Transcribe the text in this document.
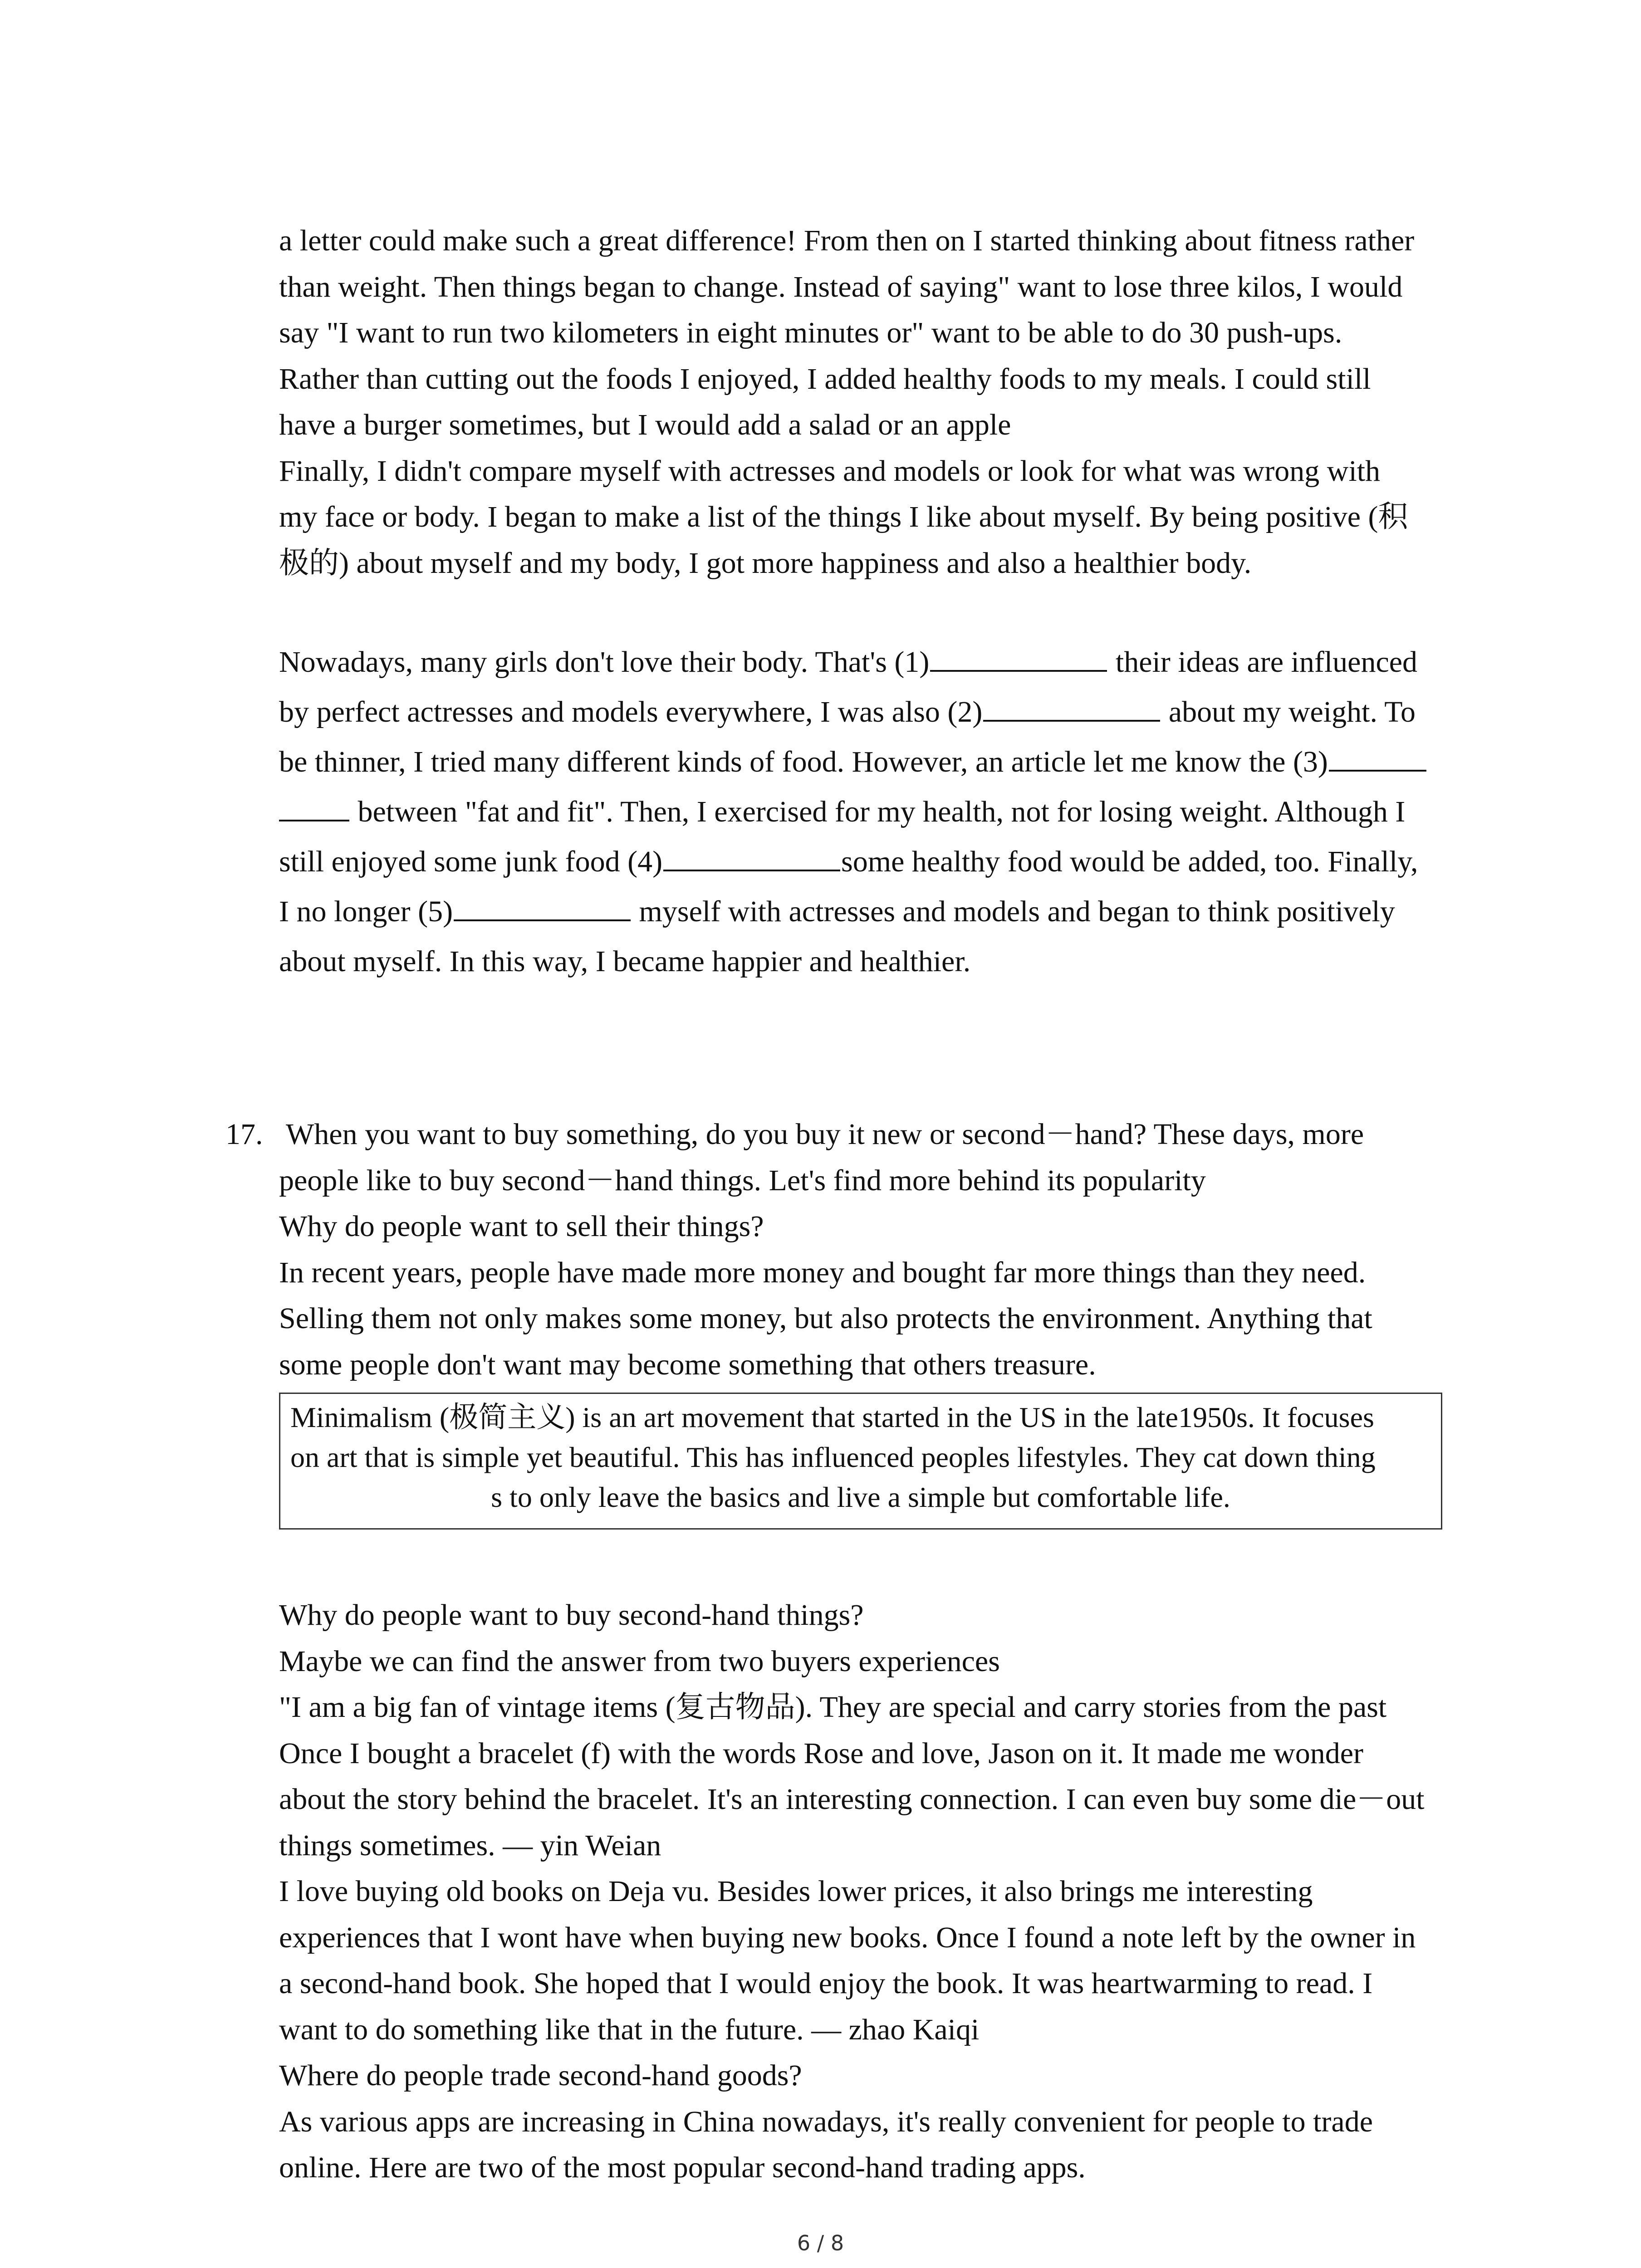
a letter could make such a great difference! From then on I started thinking about fitness rather
than weight. Then things began to change. Instead of saying" want to lose three kilos, I would
say "I want to run two kilometers in eight minutes or" want to be able to do 30 push-ups.
Rather than cutting out the foods I enjoyed, I added healthy foods to my meals. I could still
have a burger sometimes, but I would add a salad or an apple
Finally, I didn't compare myself with actresses and models or look for what was wrong with
my face or body. I began to make a list of the things I like about myself. By being positive (积
极的) about myself and my body, I got more happiness and also a healthier body.
Nowadays, many girls don't love their body. That's (1)	their ideas are influenced
by perfect actresses and models everywhere, I was also (2)	about my weight. To
be thinner, I tried many different kinds of food. However, an article let me know the (3)
between "fat and fit". Then, I exercised for my health, not for losing weight. Although I
still enjoyed some junk food (4)	some healthy food would be added, too. Finally,
I no longer (5)	myself with actresses and models and began to think positively
about myself. In this way, I became happier and healthier.
17. When you want to buy something, do you buy it new or second－hand? These days, more
people like to buy second－hand things. Let's find more behind its popularity
Why do people want to sell their things?
In recent years, people have made more money and bought far more things than they need.
Selling them not only makes some money, but also protects the environment. Anything that
some people don't want may become something that others treasure.
Minimalism (极简主义) is an art movement that started in the US in the late1950s. It focuses
on art that is simple yet beautiful. This has influenced peoples lifestyles. They cat down thing
s to only leave the basics and live a simple but comfortable life.
Why do people want to buy second-hand things?
Maybe we can find the answer from two buyers experiences
"I am a big fan of vintage items (复古物品). They are special and carry stories from the past
Once I bought a bracelet (f) with the words Rose and love, Jason on it. It made me wonder
about the story behind the bracelet. It's an interesting connection. I can even buy some die－out
things sometimes. — yin Weian
I love buying old books on Deja vu. Besides lower prices, it also brings me interesting
experiences that I wont have when buying new books. Once I found a note left by the owner in
a second-hand book. She hoped that I would enjoy the book. It was heartwarming to read. I
want to do something like that in the future. — zhao Kaiqi
Where do people trade second-hand goods?
As various apps are increasing in China nowadays, it's really convenient for people to trade
online. Here are two of the most popular second-hand trading apps.
6 / 8
